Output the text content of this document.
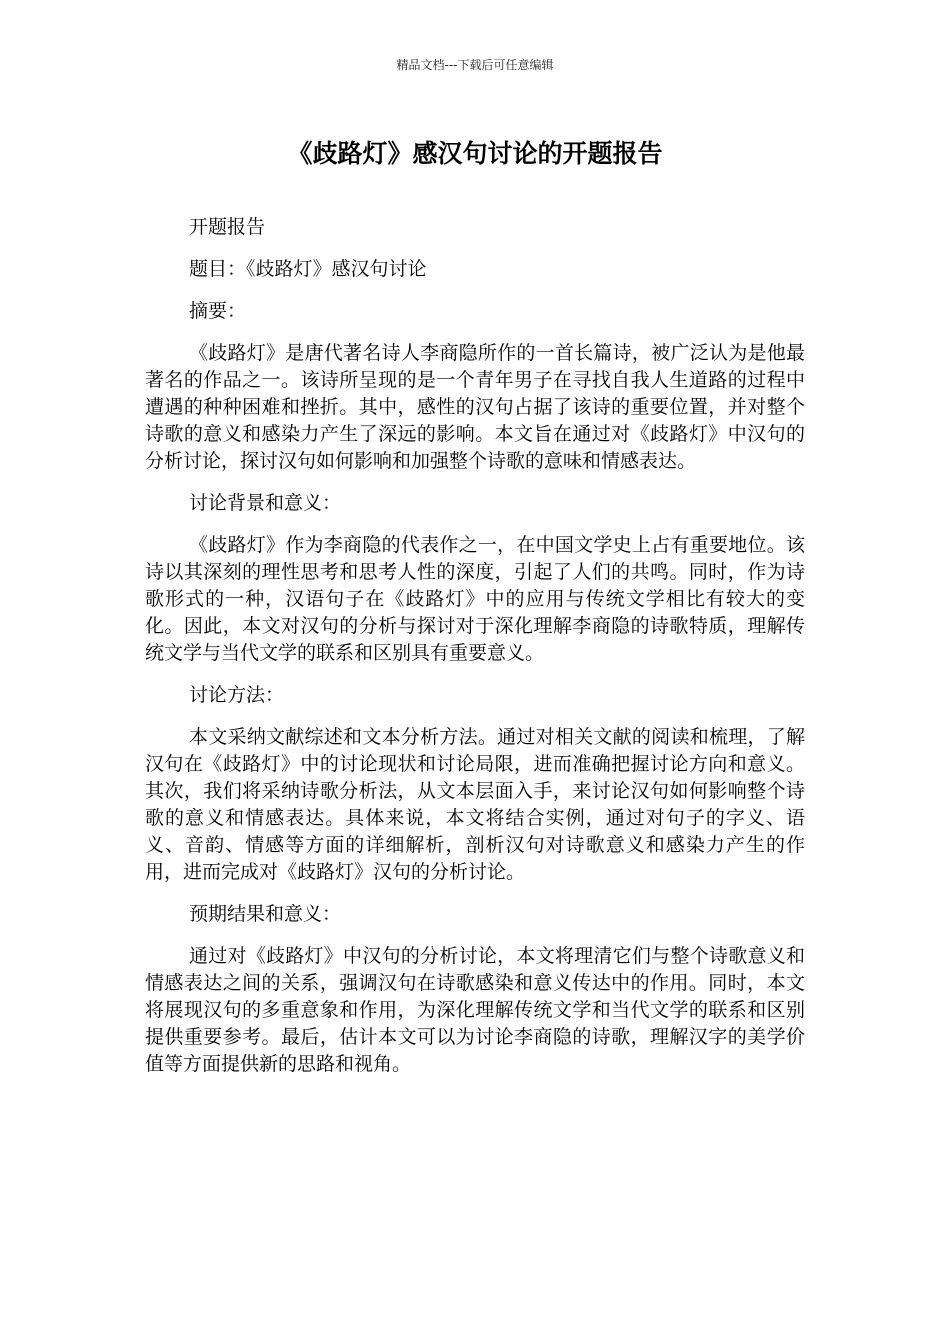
精品文档---下载后可任意编辑
《歧路灯》感汉句讨论的开题报告

开题报告

题目：《歧路灯》感汉句讨论

摘要：

《歧路灯》是唐代著名诗人李商隐所作的一首长篇诗，被广泛认为是他最著名的作品之一。该诗所呈现的是一个青年男子在寻找自我人生道路的过程中遭遇的种种困难和挫折。其中，感性的汉句占据了该诗的重要位置，并对整个诗歌的意义和感染力产生了深远的影响。本文旨在通过对《歧路灯》中汉句的分析讨论，探讨汉句如何影响和加强整个诗歌的意味和情感表达。

讨论背景和意义：

《歧路灯》作为李商隐的代表作之一，在中国文学史上占有重要地位。该诗以其深刻的理性思考和思考人性的深度，引起了人们的共鸣。同时，作为诗歌形式的一种，汉语句子在《歧路灯》中的应用与传统文学相比有较大的变化。因此，本文对汉句的分析与探讨对于深化理解李商隐的诗歌特质，理解传统文学与当代文学的联系和区别具有重要意义。

讨论方法：

本文采纳文献综述和文本分析方法。通过对相关文献的阅读和梳理，了解汉句在《歧路灯》中的讨论现状和讨论局限，进而准确把握讨论方向和意义。其次，我们将采纳诗歌分析法，从文本层面入手，来讨论汉句如何影响整个诗歌的意义和情感表达。具体来说，本文将结合实例，通过对句子的字义、语义、音韵、情感等方面的详细解析，剖析汉句对诗歌意义和感染力产生的作用，进而完成对《歧路灯》汉句的分析讨论。

预期结果和意义：

通过对《歧路灯》中汉句的分析讨论，本文将理清它们与整个诗歌意义和情感表达之间的关系，强调汉句在诗歌感染和意义传达中的作用。同时，本文将展现汉句的多重意象和作用，为深化理解传统文学和当代文学的联系和区别提供重要参考。最后，估计本文可以为讨论李商隐的诗歌，理解汉字的美学价值等方面提供新的思路和视角。
